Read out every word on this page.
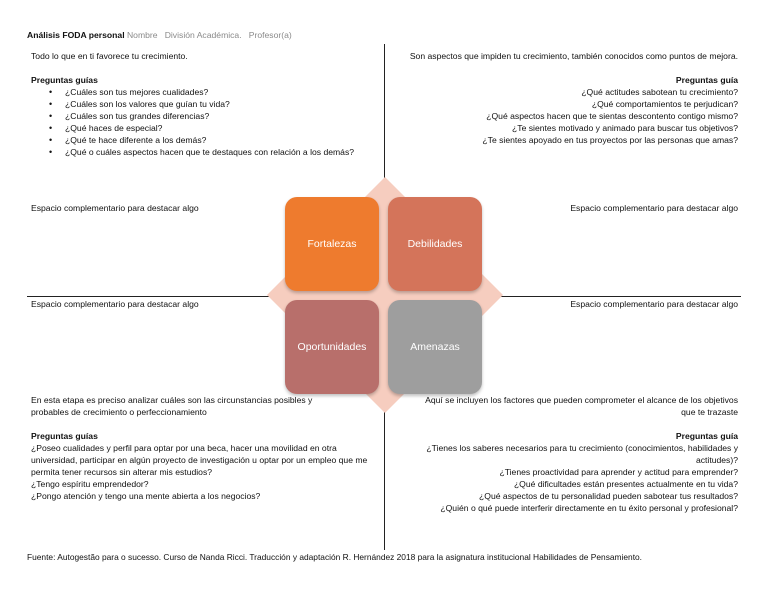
Análisis FODA personal Nombre   División Académica.   Profesor(a)
Todo lo que en ti favorece tu crecimiento.
Preguntas guías
• ¿Cuáles son tus mejores cualidades?
• ¿Cuáles son los valores que guían tu vida?
• ¿Cuáles son tus grandes diferencias?
• ¿Qué haces de especial?
• ¿Qué te hace diferente a los demás?
• ¿Qué o cuáles aspectos hacen que te destaques con relación a los demás?
Espacio complementario para destacar algo
Son aspectos que impiden tu crecimiento, también conocidos como puntos de mejora.
Preguntas guía
¿Qué actitudes sabotean tu crecimiento?
¿Qué comportamientos te perjudican?
¿Qué aspectos hacen que te sientas descontento contigo mismo?
¿Te sientes motivado y animado para buscar tus objetivos?
¿Te sientes apoyado en tus proyectos por las personas que amas?
Espacio complementario para destacar algo
Fortalezas	Debilidades
Oportunidades	Amenazas
Espacio complementario para destacar algo
En esta etapa es preciso analizar cuáles son las circunstancias posibles y probables de crecimiento o perfeccionamiento
Preguntas guías
¿Poseo cualidades y perfil para optar por una beca, hacer una movilidad en otra universidad, participar en algún proyecto de investigación u optar por un empleo que me permita tener recursos sin alterar mis estudios?
¿Tengo espíritu emprendedor?
¿Pongo atención y tengo una mente abierta a los negocios?
Espacio complementario para destacar algo
Aquí se incluyen los factores que pueden comprometer el alcance de los objetivos que te trazaste
Preguntas guía
¿Tienes los saberes necesarios para tu crecimiento (conocimientos, habilidades y actitudes)?
¿Tienes proactividad para aprender y actitud para emprender?
¿Qué dificultades están presentes actualmente en tu vida?
¿Qué aspectos de tu personalidad pueden sabotear tus resultados?
¿Quién o qué puede interferir directamente en tu éxito personal y profesional?
Fuente: Autogestão para o sucesso. Curso de Nanda Ricci. Traducción y adaptación R. Hernández 2018 para la asignatura institucional Habilidades de Pensamiento.
